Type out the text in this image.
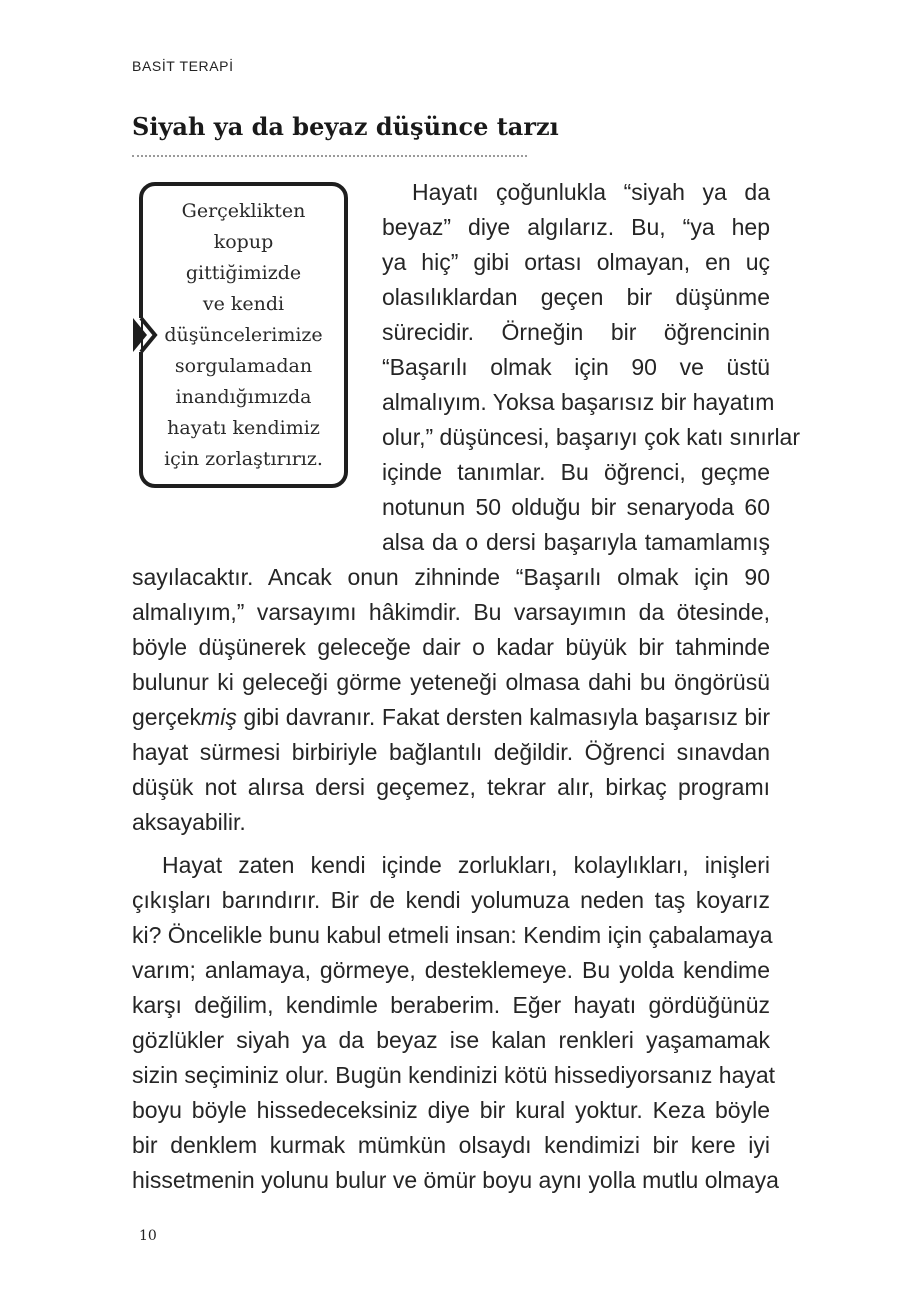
BASİT TERAPİ
Siyah ya da beyaz düşünce tarzı

Gerçeklikten
kopup
gittiğimizde
ve kendi
düşüncelerimize
sorgulamadan
inandığımızda
hayatı kendimiz
için zorlaştırırız.

Hayatı çoğunlukla “siyah ya da
beyaz” diye algılarız. Bu, “ya hep
ya hiç” gibi ortası olmayan, en uç
olasılıklardan geçen bir düşünme
sürecidir. Örneğin bir öğrencinin
“Başarılı olmak için 90 ve üstü
almalıyım. Yoksa başarısız bir hayatım
olur,” düşüncesi, başarıyı çok katı sınırlar
içinde tanımlar. Bu öğrenci, geçme
notunun 50 olduğu bir senaryoda 60
alsa da o dersi başarıyla tamamlamış
sayılacaktır. Ancak onun zihninde “Başarılı olmak için 90
almalıyım,” varsayımı hâkimdir. Bu varsayımın da ötesinde,
böyle düşünerek geleceğe dair o kadar büyük bir tahminde
bulunur ki geleceği görme yeteneği olmasa dahi bu öngörüsü
gerçekmiş gibi davranır. Fakat dersten kalmasıyla başarısız bir
hayat sürmesi birbiriyle bağlantılı değildir. Öğrenci sınavdan
düşük not alırsa dersi geçemez, tekrar alır, birkaç programı
aksayabilir.
Hayat zaten kendi içinde zorlukları, kolaylıkları, inişleri
çıkışları barındırır. Bir de kendi yolumuza neden taş koyarız
ki? Öncelikle bunu kabul etmeli insan: Kendim için çabalamaya
varım; anlamaya, görmeye, desteklemeye. Bu yolda kendime
karşı değilim, kendimle beraberim. Eğer hayatı gördüğünüz
gözlükler siyah ya da beyaz ise kalan renkleri yaşamamak
sizin seçiminiz olur. Bugün kendinizi kötü hissediyorsanız hayat
boyu böyle hissedeceksiniz diye bir kural yoktur. Keza böyle
bir denklem kurmak mümkün olsaydı kendimizi bir kere iyi
hissetmenin yolunu bulur ve ömür boyu aynı yolla mutlu olmaya
10
